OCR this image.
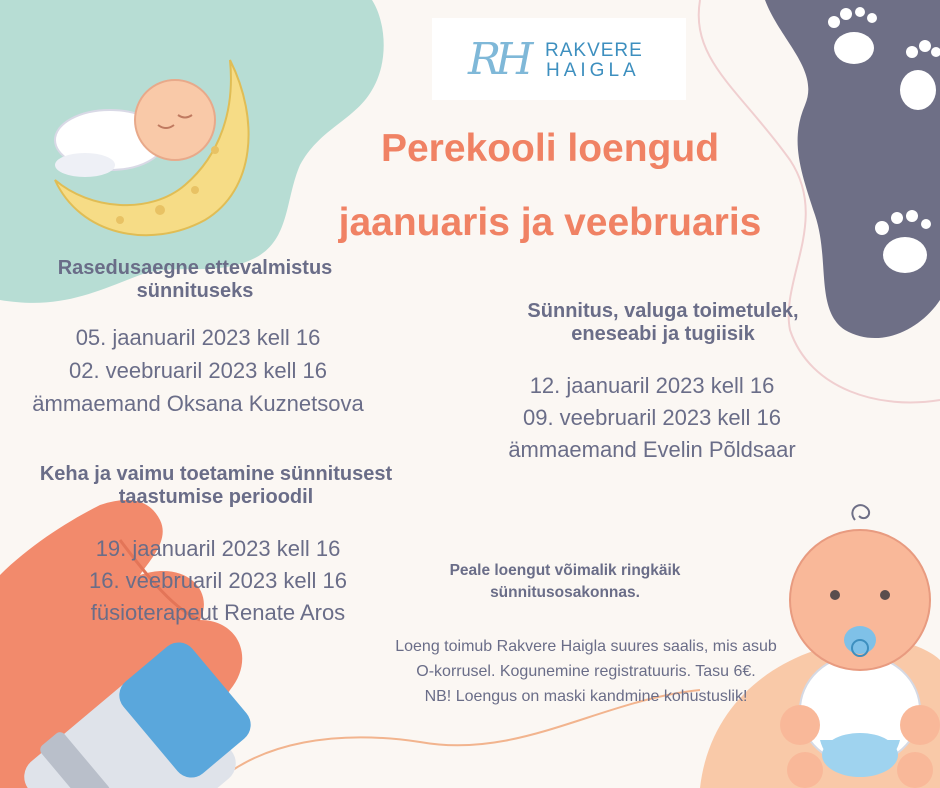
RH RAKVERE
HAIGLA
Perekooli loengud
jaanuaris ja veebruaris
Rasedusaegne ettevalmistus
sünnituseks
05. jaanuaril 2023 kell 16
02. veebruaril 2023 kell 16
ämmaemand Oksana Kuznetsova
Sünnitus, valuga toimetulek,
eneseabi ja tugiisik
12. jaanuaril 2023 kell 16
09. veebruaril 2023 kell 16
ämmaemand Evelin Põldsaar
Keha ja vaimu toetamine sünnitusest
taastumise perioodil
19. jaanuaril 2023 kell 16
16. veebruaril 2023 kell 16
füsioterapeut Renate Aros
Peale loengut võimalik ringkäik
sünnitusosakonnas.
Loeng toimub Rakvere Haigla suures saalis, mis asub
O-korrusel. Kogunemine registratuuris. Tasu 6€.
NB! Loengus on maski kandmine kohustuslik!
